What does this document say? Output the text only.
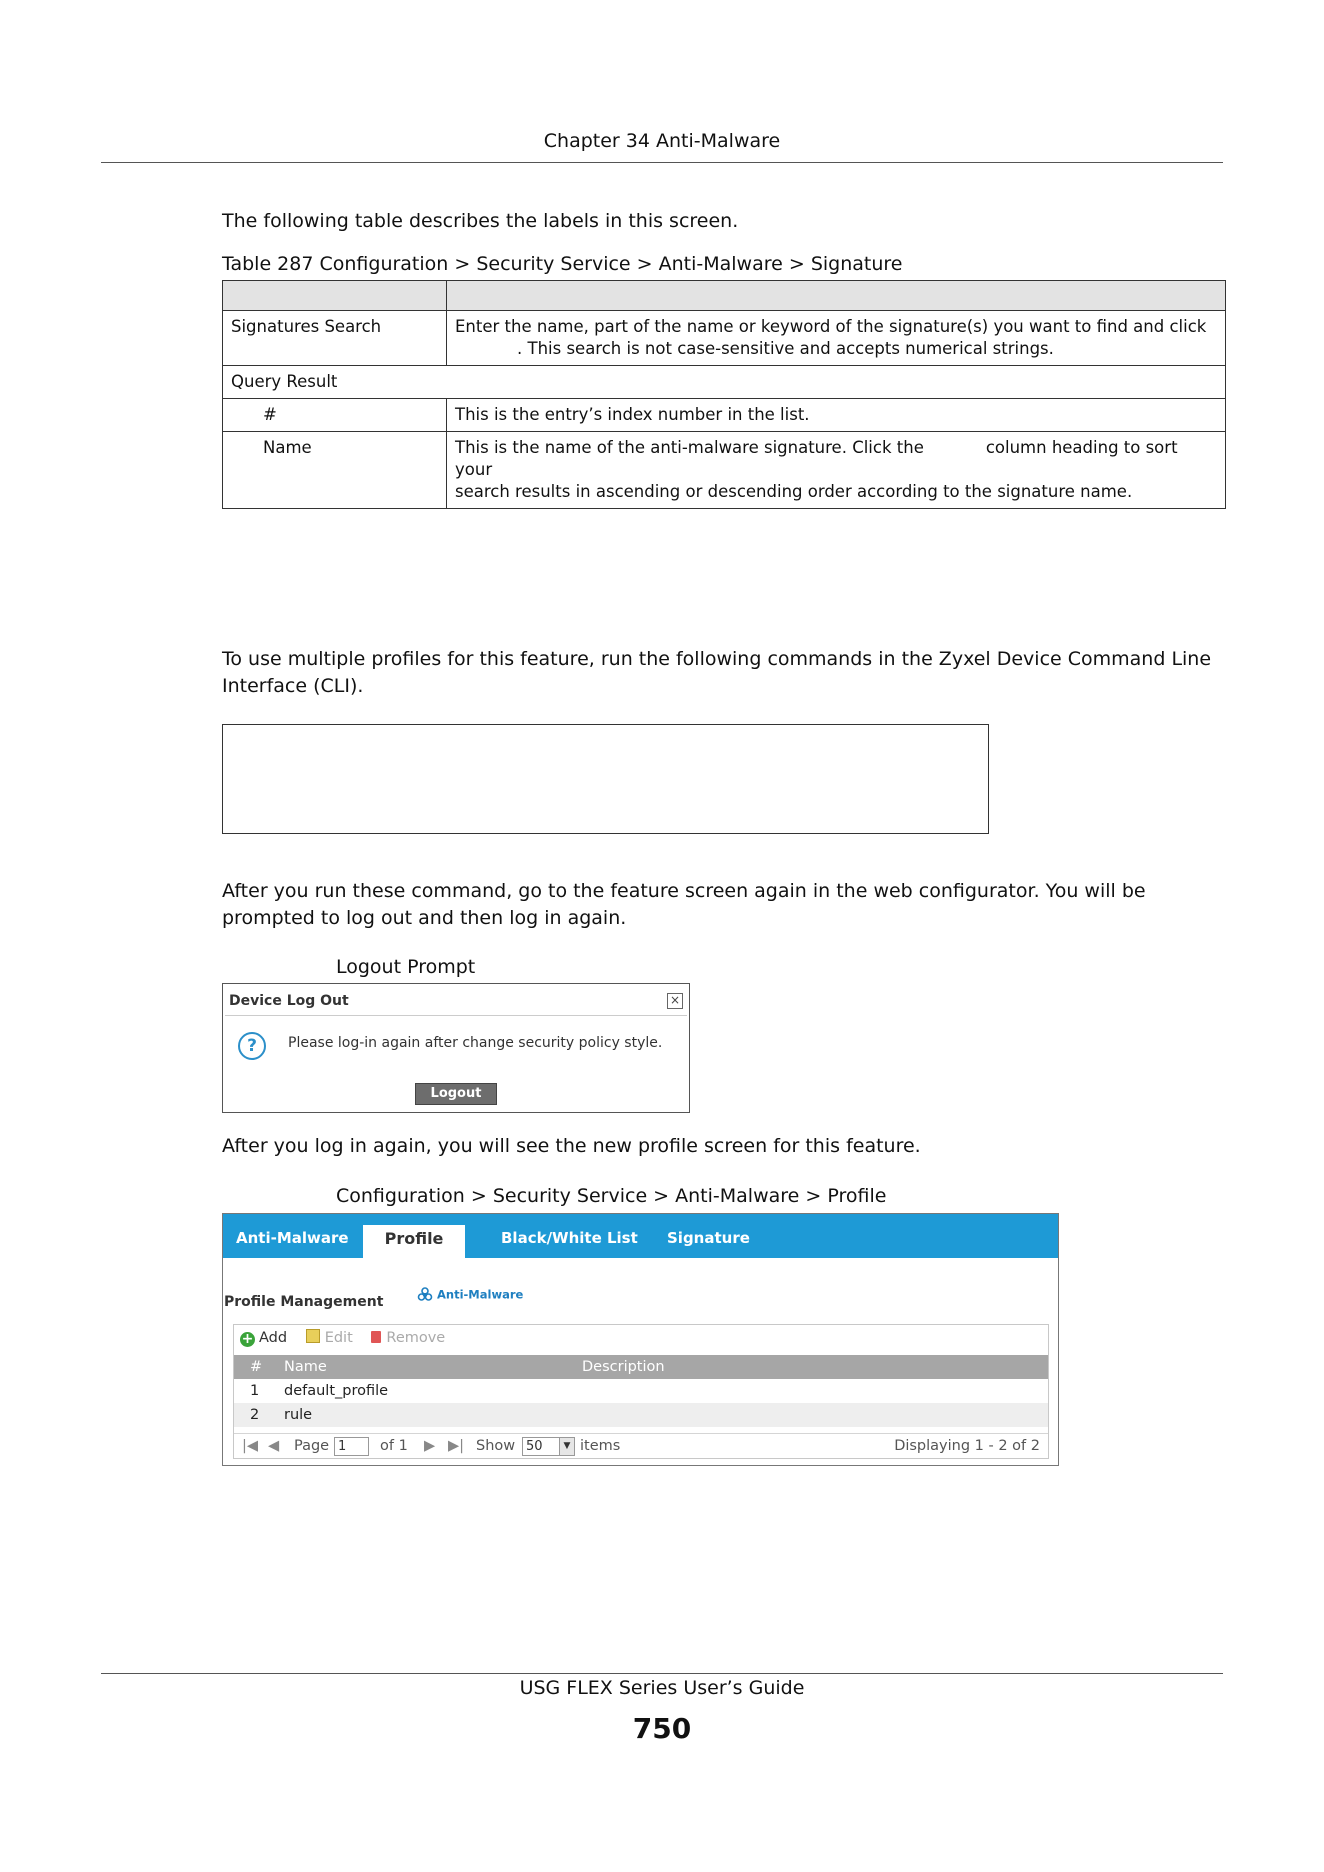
Chapter 34 Anti-Malware
The following table describes the labels in this screen.
Table 287 Configuration > Security Service > Anti-Malware > Signature

Signatures Search	Enter the name, part of the name or keyword of the signature(s) you want to find and click
. This search is not case-sensitive and accepts numerical strings.

Query Result	
#	This is the entry’s index number in the list.
Name	This is the name of the anti-malware signature. Click the column heading to sort your
search results in ascending or descending order according to the signature name.
To use multiple profiles for this feature, run the following commands in the Zyxel Device Command Line Interface (CLI).
After you run these command, go to the feature screen again in the web configurator. You will be prompted to log out and then log in again.
Logout Prompt
Device Log Out	×
?	Please log-in again after change security policy style.
Logout
After you log in again, you will see the new profile screen for this feature.
Configuration > Security Service > Anti-Malware > Profile
Anti-Malware	Profile	Black/White List Signature
Profile Management	Anti-Malware
+ Add	Edit Remove
# Name	Description
1 default_profile
2 rule
|◀ ◀ Page 1	of 1 ▶ ▶| Show 50	▼ items	Displaying 1 - 2 of 2
USG FLEX Series User’s Guide
750
